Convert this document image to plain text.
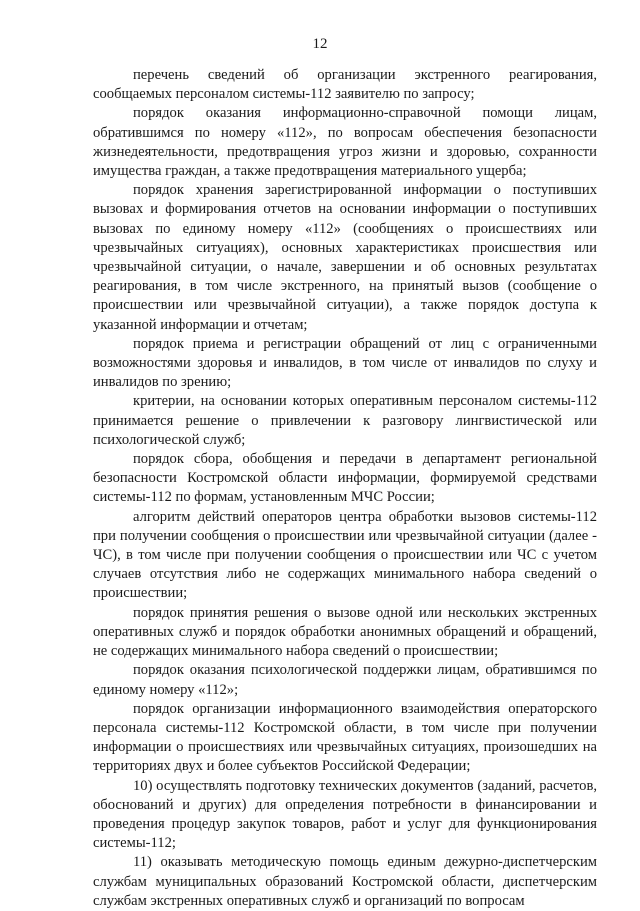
12

перечень сведений об организации экстренного реагирования, сообщаемых персоналом системы-112 заявителю по запросу;

порядок оказания информационно-справочной помощи лицам, обратившимся по номеру «112», по вопросам обеспечения безопасности жизнедеятельности, предотвращения угроз жизни и здоровью, сохранности имущества граждан, а также предотвращения материального ущерба;

порядок хранения зарегистрированной информации о поступивших вызовах и формирования отчетов на основании информации о поступивших вызовах по единому номеру «112» (сообщениях о происшествиях или чрезвычайных ситуациях), основных характеристиках происшествия или чрезвычайной ситуации, о начале, завершении и об основных результатах реагирования, в том числе экстренного, на принятый вызов (сообщение о происшествии или чрезвычайной ситуации), а также порядок доступа к указанной информации и отчетам;

порядок приема и регистрации обращений от лиц с ограниченными возможностями здоровья и инвалидов, в том числе от инвалидов по слуху и инвалидов по зрению;

критерии, на основании которых оперативным персоналом системы-112 принимается решение о привлечении к разговору лингвистической или психологической служб;

порядок сбора, обобщения и передачи в департамент региональной безопасности Костромской области информации, формируемой средствами системы-112 по формам, установленным МЧС России;

алгоритм действий операторов центра обработки вызовов системы-112 при получении сообщения о происшествии или чрезвычайной ситуации (далее - ЧС), в том числе при получении сообщения о происшествии или ЧС с учетом случаев отсутствия либо не содержащих минимального набора сведений о происшествии;

порядок принятия решения о вызове одной или нескольких экстренных оперативных служб и порядок обработки анонимных обращений и обращений, не содержащих минимального набора сведений о происшествии;

порядок оказания психологической поддержки лицам, обратившимся по единому номеру «112»;

порядок организации информационного взаимодействия операторского персонала системы-112 Костромской области, в том числе при получении информации о происшествиях или чрезвычайных ситуациях, произошедших на территориях двух и более субъектов Российской Федерации;

10) осуществлять подготовку технических документов (заданий, расчетов, обоснований и других) для определения потребности в финансировании и проведения процедур закупок товаров, работ и услуг для функционирования системы-112;

11) оказывать методическую помощь единым дежурно-диспетчерским службам муниципальных образований Костромской области, диспетчерским службам экстренных оперативных служб и организаций по вопросам
